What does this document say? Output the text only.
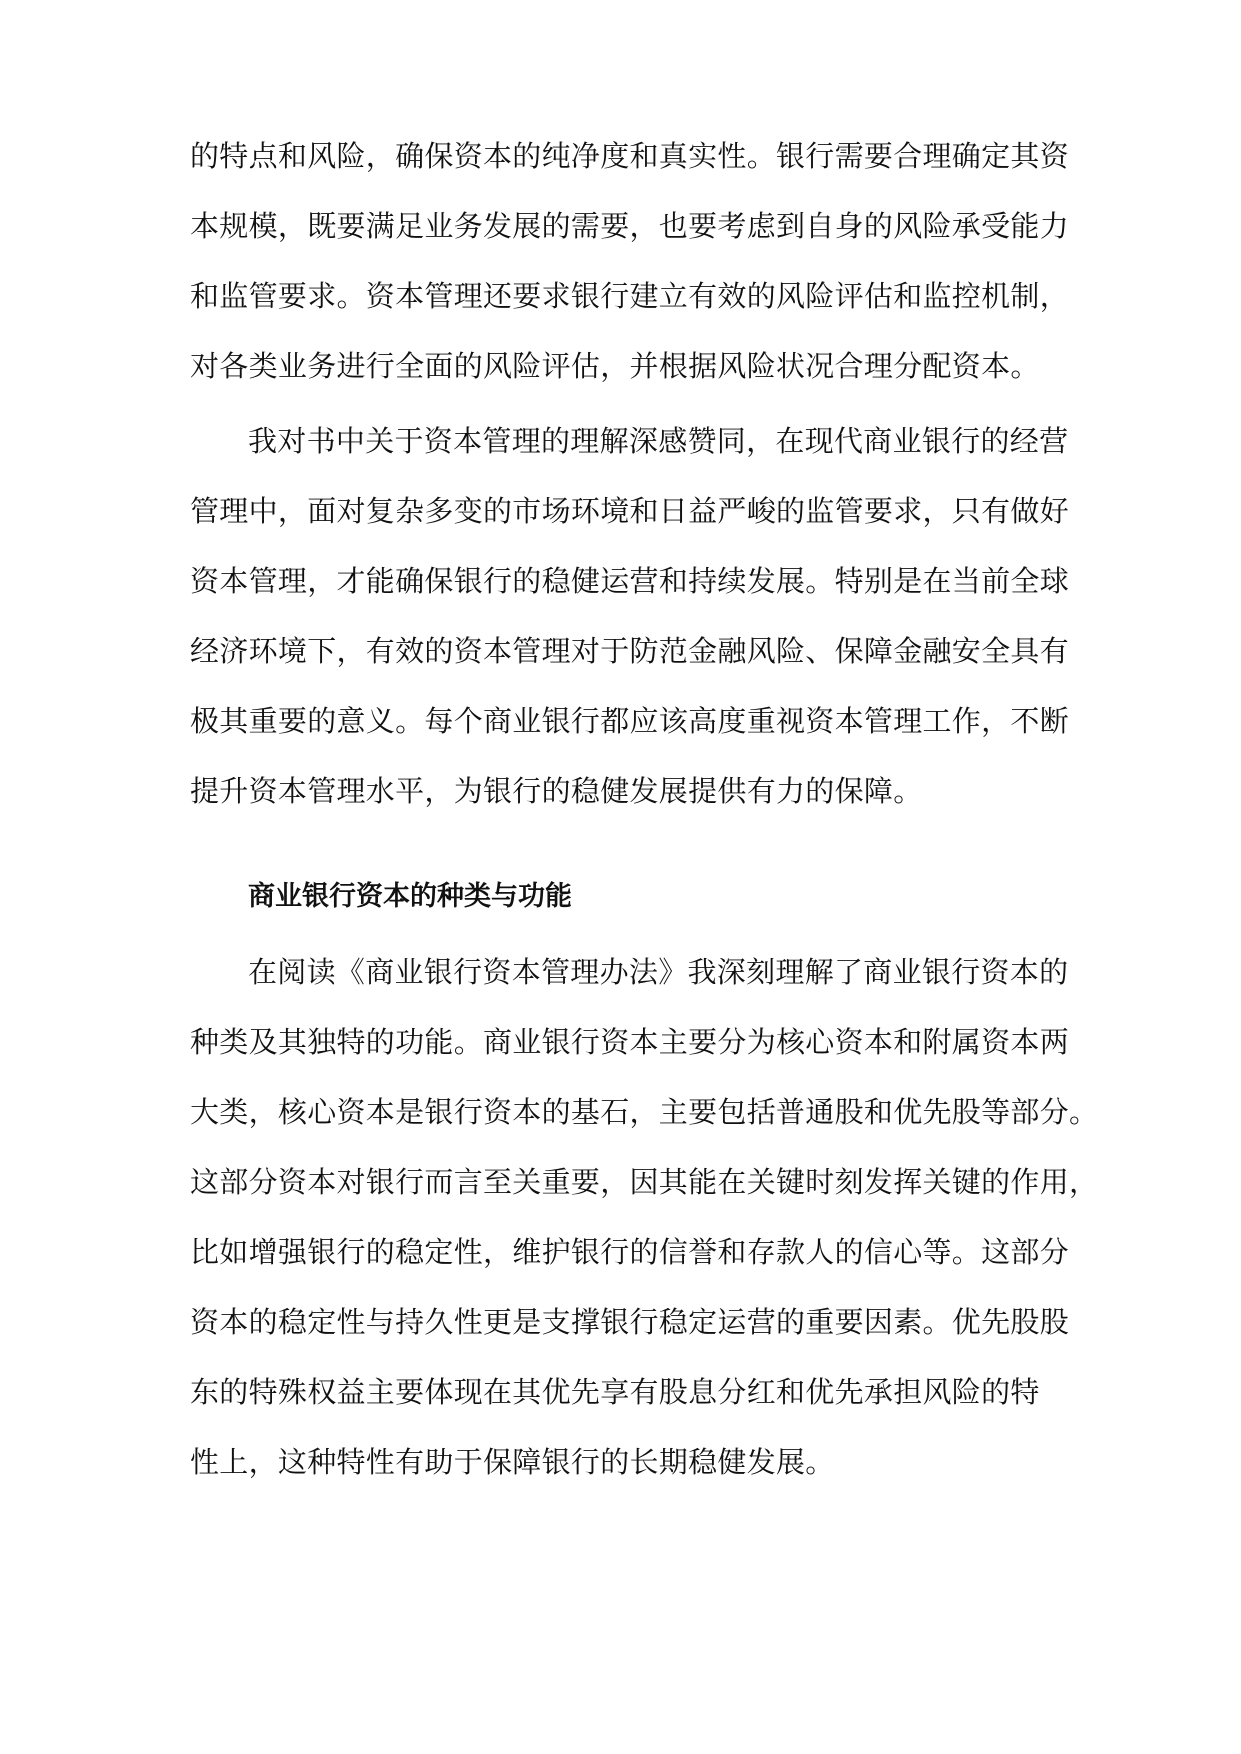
的特点和风险，确保资本的纯净度和真实性。银行需要合理确定其资
本规模，既要满足业务发展的需要，也要考虑到自身的风险承受能力
和监管要求。资本管理还要求银行建立有效的风险评估和监控机制，
对各类业务进行全面的风险评估，并根据风险状况合理分配资本。
我对书中关于资本管理的理解深感赞同，在现代商业银行的经营
管理中，面对复杂多变的市场环境和日益严峻的监管要求，只有做好
资本管理，才能确保银行的稳健运营和持续发展。特别是在当前全球
经济环境下，有效的资本管理对于防范金融风险、保障金融安全具有
极其重要的意义。每个商业银行都应该高度重视资本管理工作，不断
提升资本管理水平，为银行的稳健发展提供有力的保障。
商业银行资本的种类与功能
在阅读《商业银行资本管理办法》我深刻理解了商业银行资本的
种类及其独特的功能。商业银行资本主要分为核心资本和附属资本两
大类，核心资本是银行资本的基石，主要包括普通股和优先股等部分。
这部分资本对银行而言至关重要，因其能在关键时刻发挥关键的作用，
比如增强银行的稳定性，维护银行的信誉和存款人的信心等。这部分
资本的稳定性与持久性更是支撑银行稳定运营的重要因素。优先股股
东的特殊权益主要体现在其优先享有股息分红和优先承担风险的特
性上，这种特性有助于保障银行的长期稳健发展。
